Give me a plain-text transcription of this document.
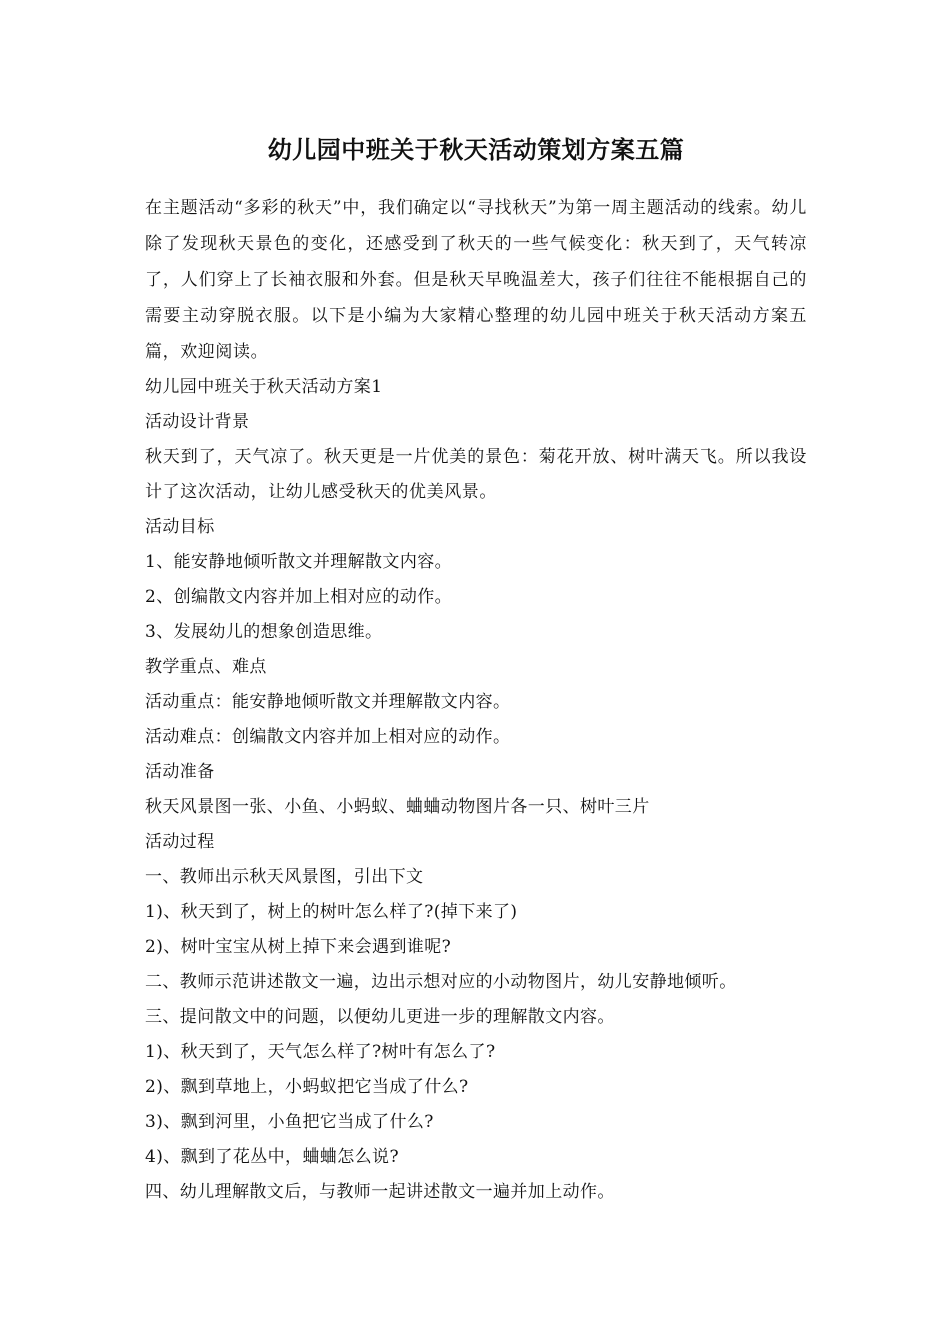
幼儿园中班关于秋天活动策划方案五篇

在主题活动“多彩的秋天”中，我们确定以“寻找秋天”为第一周主题活动的线索。幼儿除了发现秋天景色的变化，还感受到了秋天的一些气候变化：秋天到了，天气转凉了，人们穿上了长袖衣服和外套。但是秋天早晚温差大，孩子们往往不能根据自己的需要主动穿脱衣服。以下是小编为大家精心整理的幼儿园中班关于秋天活动方案五篇，欢迎阅读。

幼儿园中班关于秋天活动方案1

活动设计背景

秋天到了，天气凉了。秋天更是一片优美的景色：菊花开放、树叶满天飞。所以我设计了这次活动，让幼儿感受秋天的优美风景。

活动目标

1、能安静地倾听散文并理解散文内容。

2、创编散文内容并加上相对应的动作。

3、发展幼儿的想象创造思维。

教学重点、难点

活动重点：能安静地倾听散文并理解散文内容。

活动难点：创编散文内容并加上相对应的动作。

活动准备

秋天风景图一张、小鱼、小蚂蚁、蛐蛐动物图片各一只、树叶三片

活动过程

一、教师出示秋天风景图，引出下文

1)、秋天到了，树上的树叶怎么样了?(掉下来了)

2)、树叶宝宝从树上掉下来会遇到谁呢?

二、教师示范讲述散文一遍，边出示想对应的小动物图片，幼儿安静地倾听。

三、提问散文中的问题，以便幼儿更进一步的理解散文内容。

1)、秋天到了，天气怎么样了?树叶有怎么了?

2)、飘到草地上，小蚂蚁把它当成了什么?

3)、飘到河里，小鱼把它当成了什么?

4)、飘到了花丛中，蛐蛐怎么说?

四、幼儿理解散文后，与教师一起讲述散文一遍并加上动作。
